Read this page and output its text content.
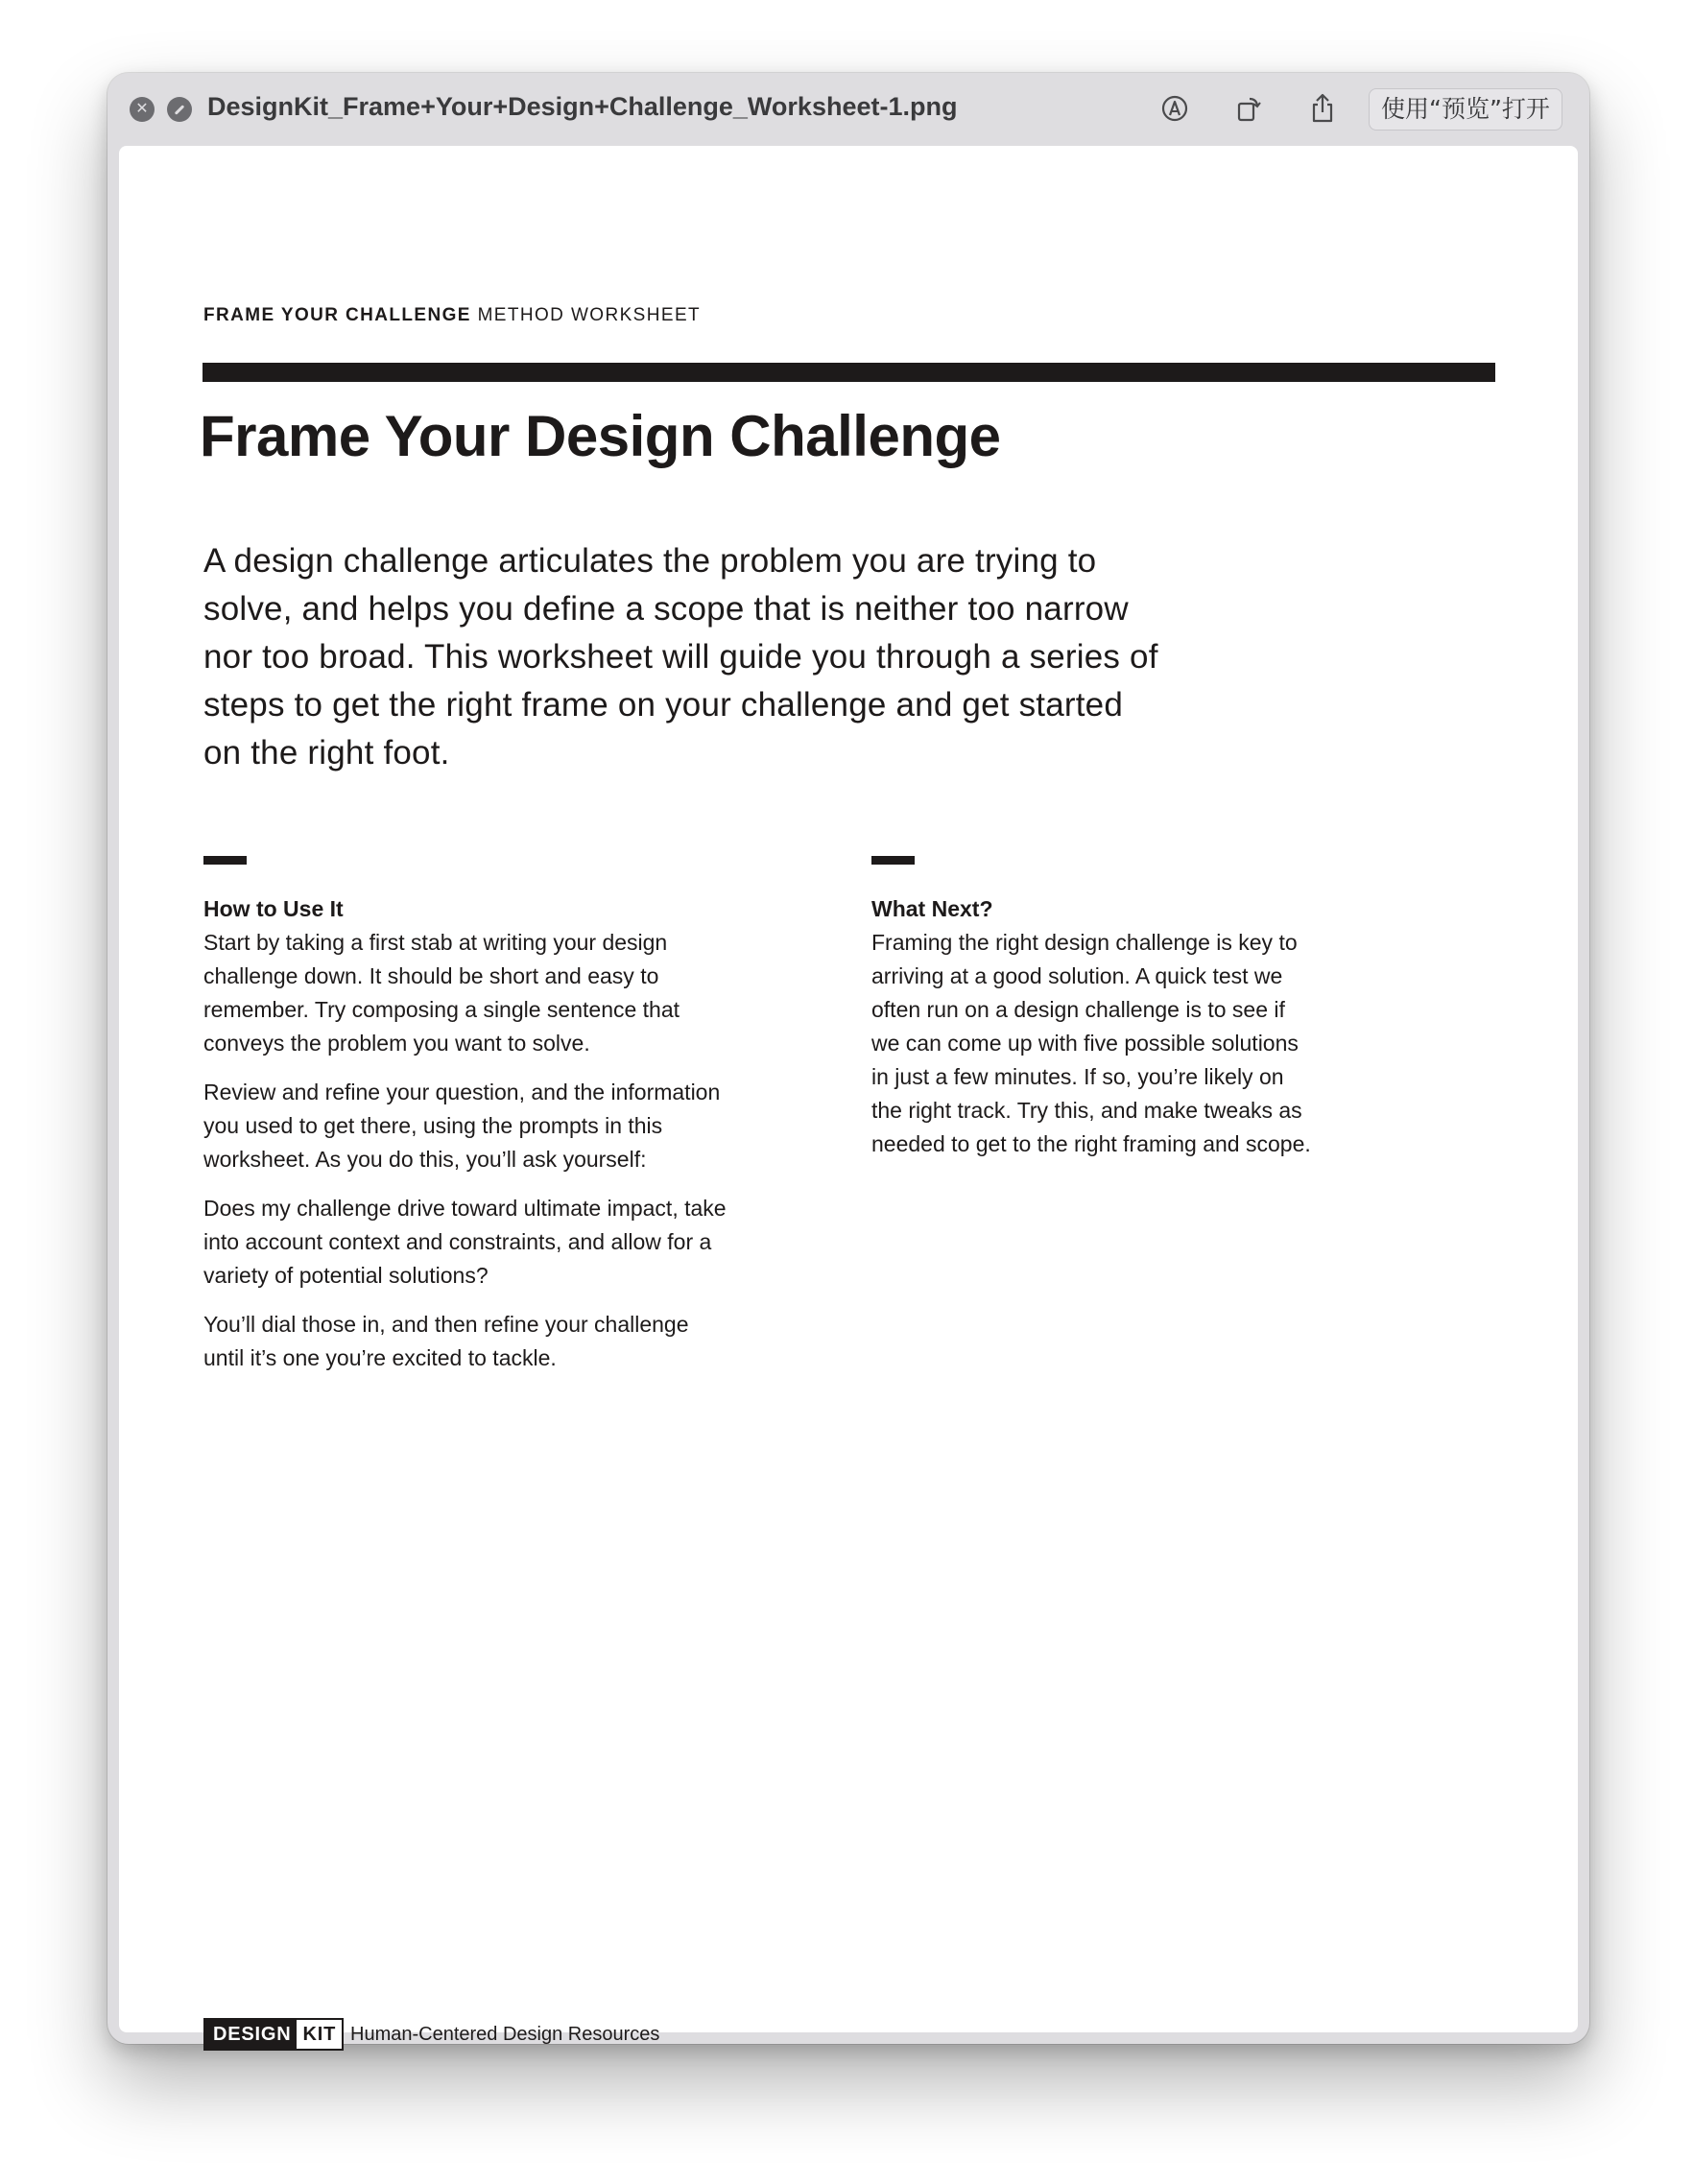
✕ DesignKit_Frame+Your+Design+Challenge_Worksheet-1.png	使用“预览”打开
FRAME YOUR CHALLENGE METHOD WORKSHEET
Frame Your Design Challenge

A design challenge articulates the problem you are trying to solve, and helps you define a scope that is neither too narrow nor too broad. This worksheet will guide you through a series of steps to get the right frame on your challenge and get started on the right foot.

How to Use It

Start by taking a first stab at writing your design challenge down. It should be short and easy to remember. Try composing a single sentence that conveys the problem you want to solve.

Review and refine your question, and the information you used to get there, using the prompts in this worksheet. As you do this, you’ll ask yourself:

Does my challenge drive toward ultimate impact, take into account context and constraints, and allow for a variety of potential solutions?

You’ll dial those in, and then refine your challenge until it’s one you’re excited to tackle.

What Next?

Framing the right design challenge is key to arriving at a good solution. A quick test we often run on a design challenge is to see if we can come up with five possible solutions in just a few minutes. If so, you’re likely on the right track. Try this, and make tweaks as needed to get to the right framing and scope.

DESIGN KIT Human-Centered Design Resources
